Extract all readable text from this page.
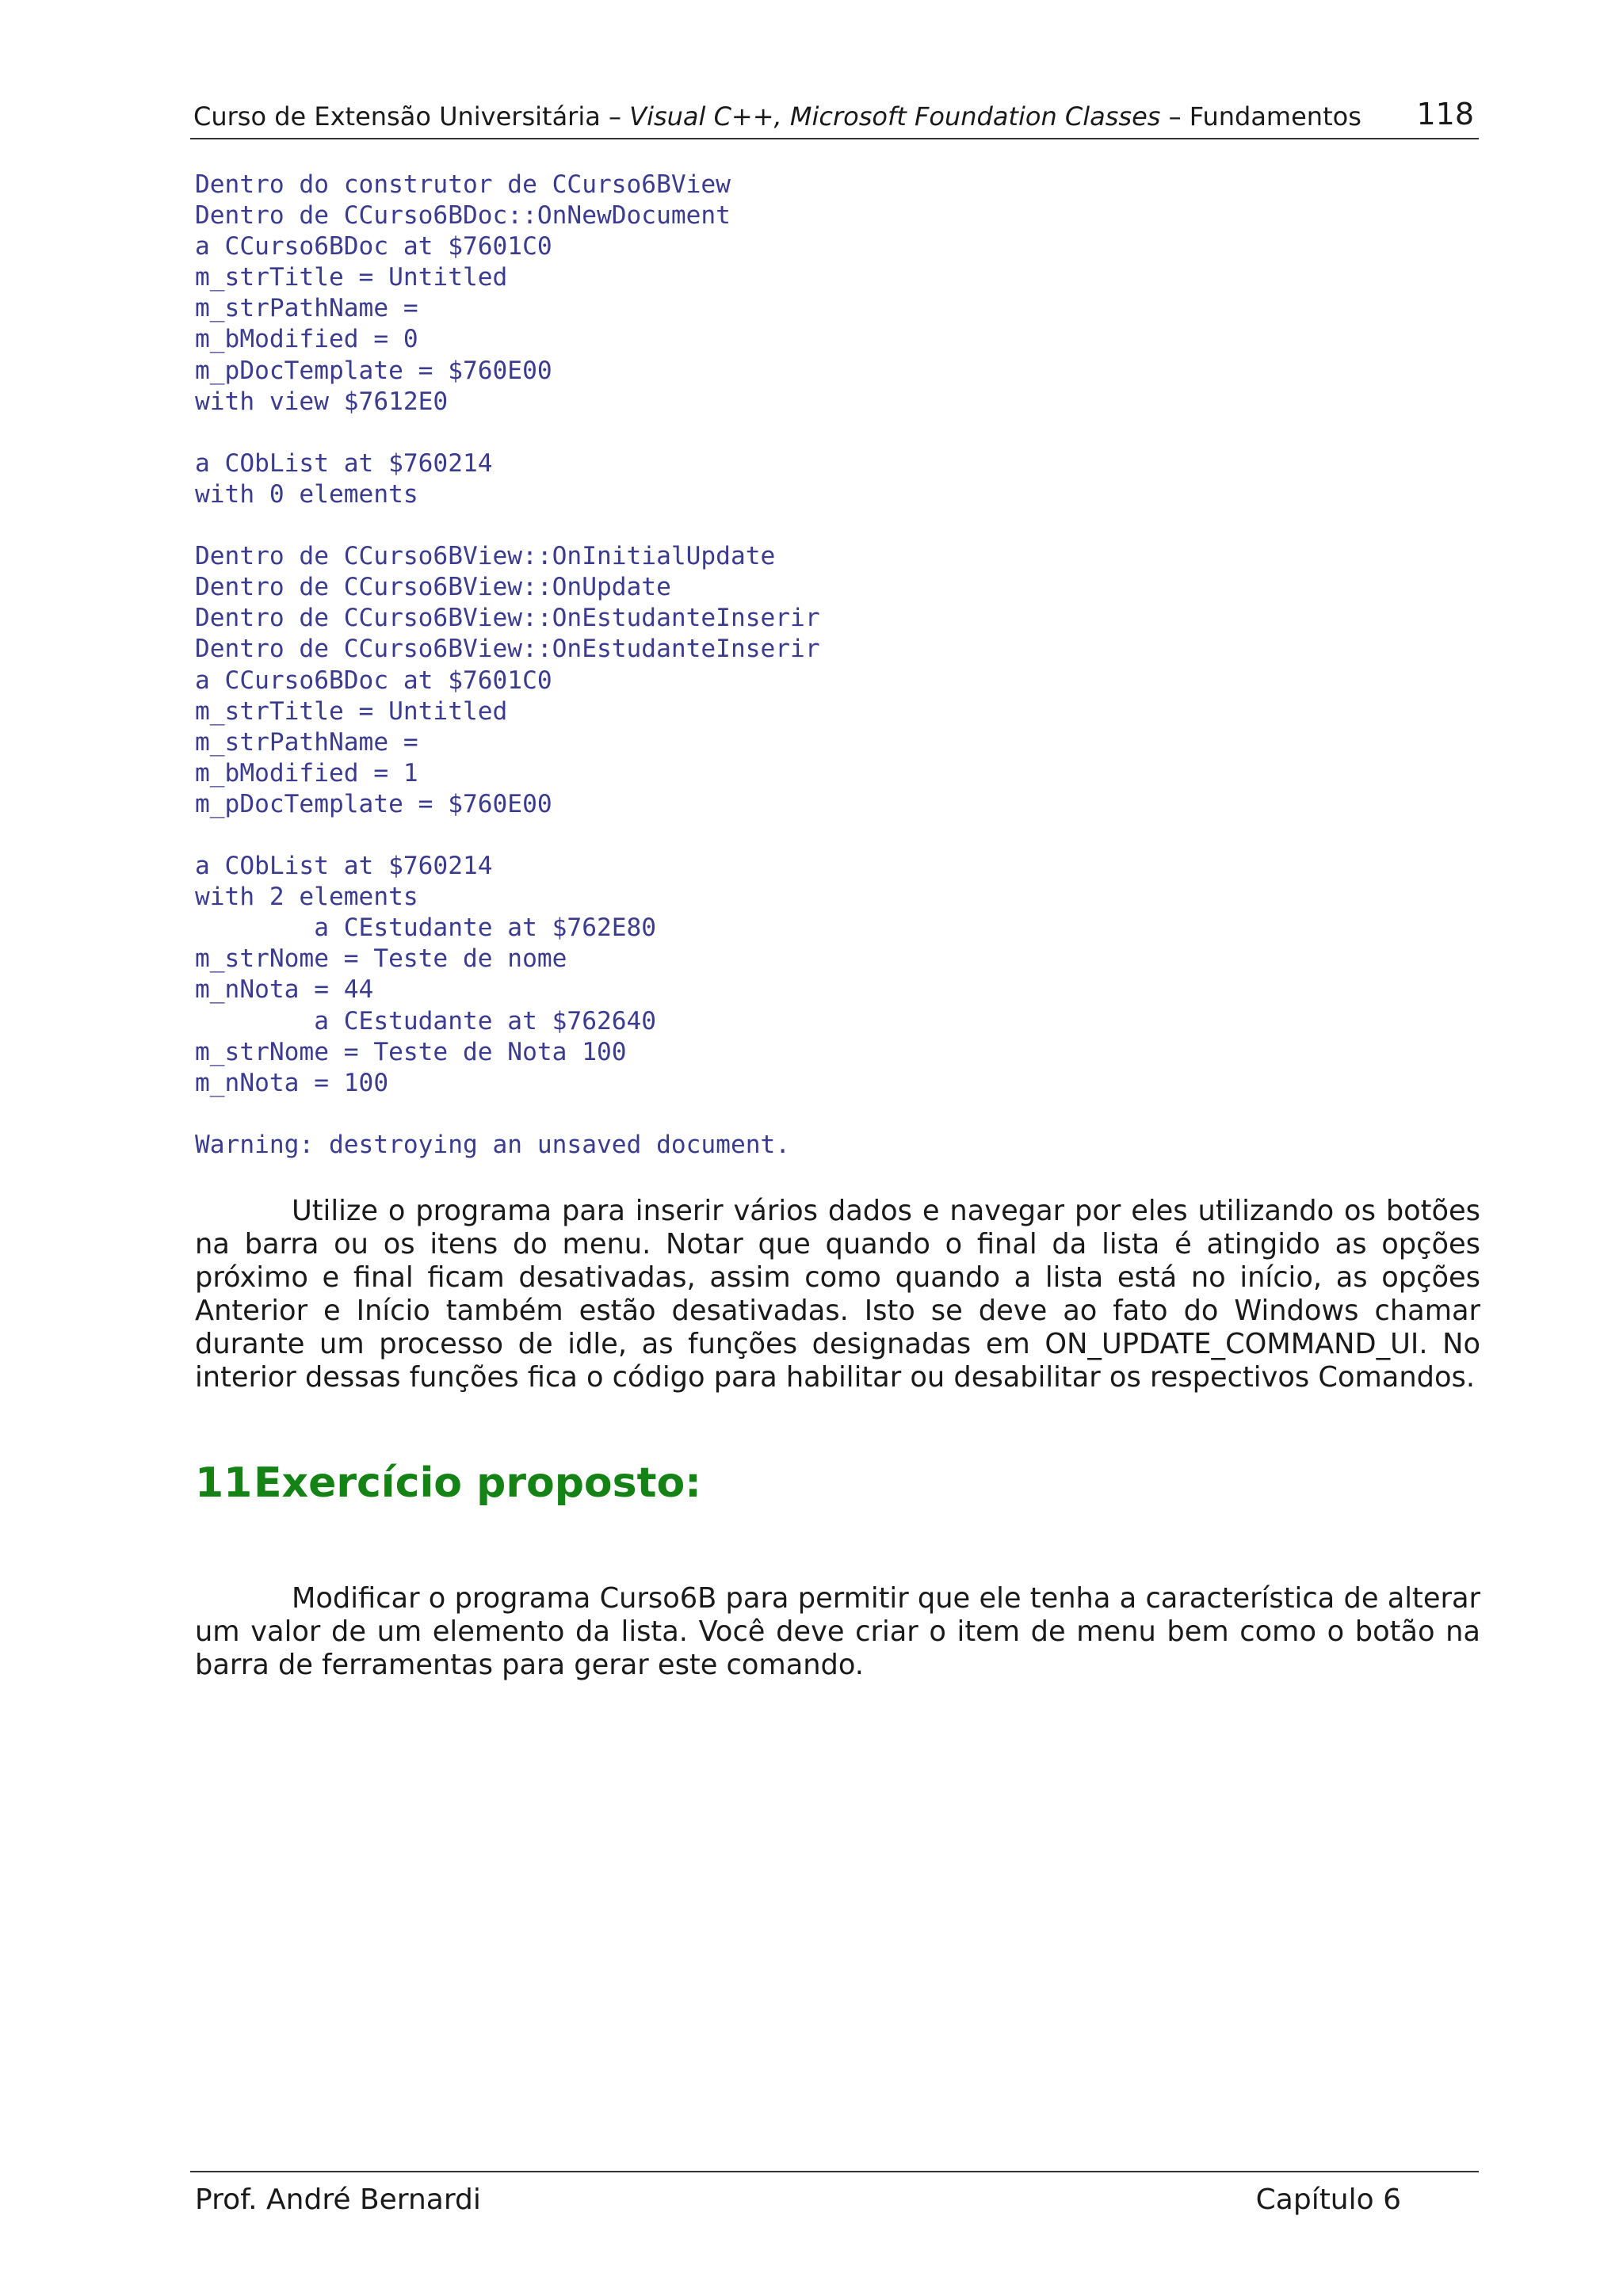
Curso de Extensão Universitária – Visual C++, Microsoft Foundation Classes – Fundamentos 118
Dentro do construtor de CCurso6BView
Dentro de CCurso6BDoc::OnNewDocument
a CCurso6BDoc at $7601C0
m_strTitle = Untitled
m_strPathName =
m_bModified = 0
m_pDocTemplate = $760E00
with view $7612E0
a CObList at $760214
with 0 elements
Dentro de CCurso6BView::OnInitialUpdate
Dentro de CCurso6BView::OnUpdate
Dentro de CCurso6BView::OnEstudanteInserir
Dentro de CCurso6BView::OnEstudanteInserir
a CCurso6BDoc at $7601C0
m_strTitle = Untitled
m_strPathName =
m_bModified = 1
m_pDocTemplate = $760E00
a CObList at $760214
with 2 elements
a CEstudante at $762E80
m_strNome = Teste de nome
m_nNota = 44
a CEstudante at $762640
m_strNome = Teste de Nota 100
m_nNota = 100
Warning: destroying an unsaved document.

Utilize o programa para inserir vários dados e navegar por eles utilizando os botões na barra ou os itens do menu. Notar que quando o final da lista é atingido as opções próximo e final ficam desativadas, assim como quando a lista está no início, as opções Anterior e Início também estão desativadas. Isto se deve ao fato do Windows chamar durante um processo de idle, as funções designadas em ON_UPDATE_COMMAND_UI. No interior dessas funções fica o código para habilitar ou desabilitar os respectivos Comandos.

11Exercício proposto:

Modificar o programa Curso6B para permitir que ele tenha a característica de alterar um valor de um elemento da lista. Você deve criar o item de menu bem como o botão na barra de ferramentas para gerar este comando.

Prof. André Bernardi	Capítulo 6
